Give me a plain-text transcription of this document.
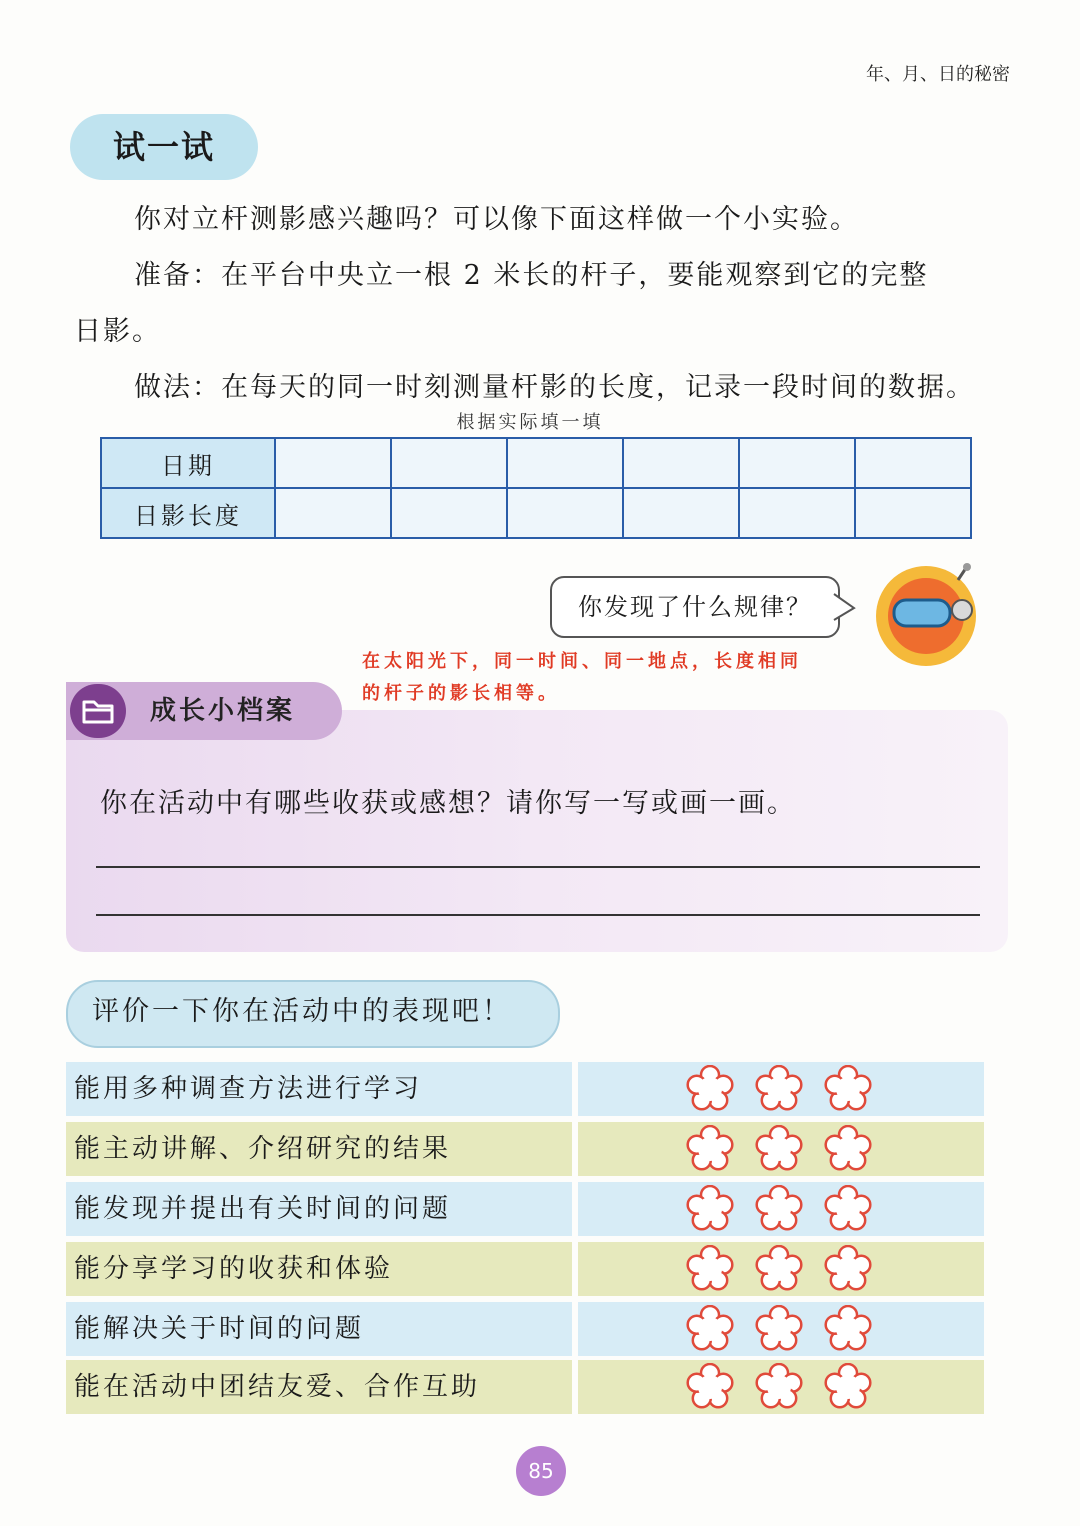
年、月、日的秘密
试一试
你对立杆测影感兴趣吗？可以像下面这样做一个小实验。
准备：在平台中央立一根 2 米长的杆子，要能观察到它的完整
日影。
做法：在每天的同一时刻测量杆影的长度，记录一段时间的数据。
根据实际填一填
日期						
日影长度						
你发现了什么规律？
在太阳光下，同一时间、同一地点，长度相同
的杆子的影长相等。
成长小档案
你在活动中有哪些收获或感想？请你写一写或画一画。
评价一下你在活动中的表现吧！
能用多种调查方法进行学习
能主动讲解、介绍研究的结果
能发现并提出有关时间的问题
能分享学习的收获和体验
能解决关于时间的问题
能在活动中团结友爱、合作互助
85
